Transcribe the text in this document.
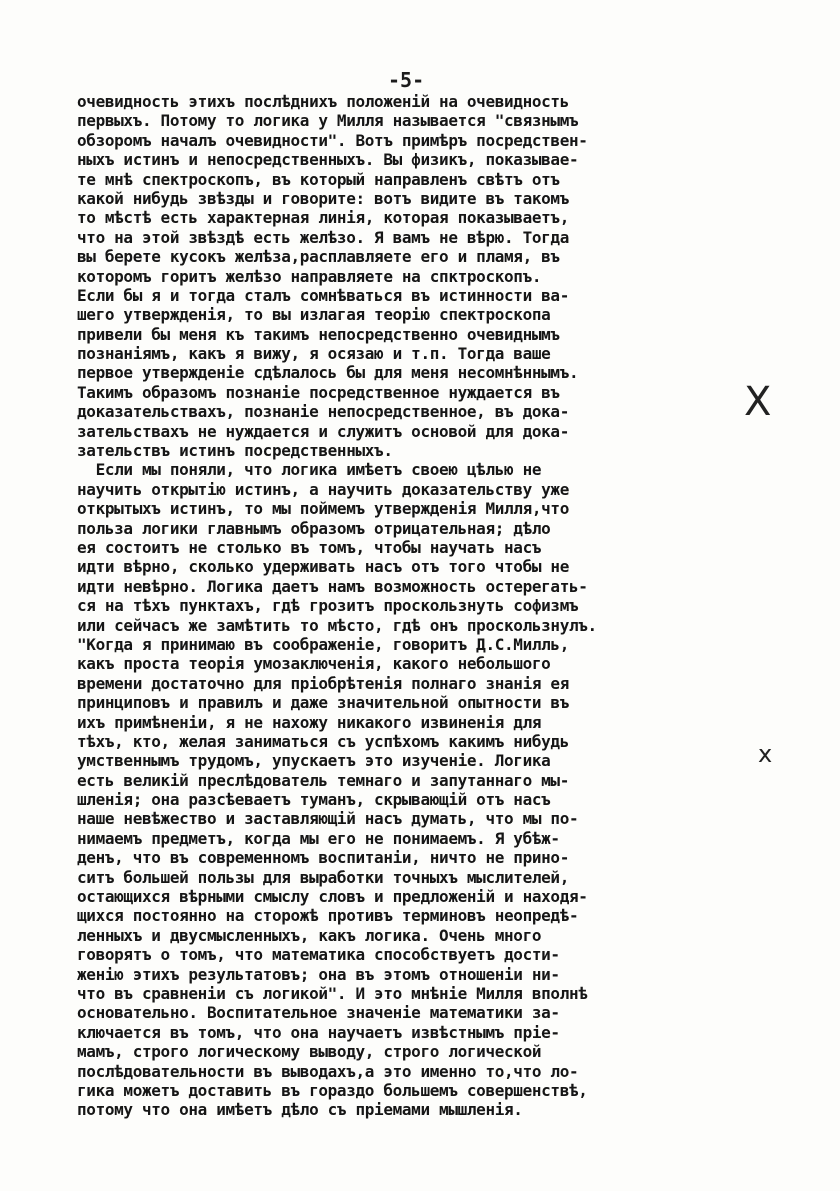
-5-
очевидность этихъ послѣднихъ положеній на очевидность
первыхъ. Потому то логика у Милля называется "связнымъ
обзоромъ началъ очевидности". Вотъ примѣръ посредствен-
ныхъ истинъ и непосредственныхъ. Вы физикъ, показывае-
те мнѣ спектроскопъ, въ который направленъ свѣтъ отъ
какой нибудь звѣзды и говорите: вотъ видите въ такомъ
то мѣстѣ есть характерная линія, которая показываетъ,
что на этой звѣздѣ есть желѣзо. Я вамъ не вѣрю. Тогда
вы берете кусокъ желѣза,расплавляете его и пламя, въ
которомъ горитъ желѣзо направляете на спктроскопъ.
Если бы я и тогда сталъ сомнѣваться въ истинности ва-
шего утвержденія, то вы излагая теорію спектроскопа
привели бы меня къ такимъ непосредственно очевиднымъ
познаніямъ, какъ я вижу, я осязаю и т.п. Тогда ваше
первое утвержденіе сдѣлалось бы для меня несомнѣннымъ.
Такимъ образомъ познаніе посредственное нуждается въ
доказательствахъ, познаніе непосредственное, въ дока-
зательствахъ не нуждается и служитъ основой для дока-
зательствъ истинъ посредственныхъ.
Если мы поняли, что логика имѣетъ своею цѣлью не
научить открытію истинъ, а научить доказательству уже
открытыхъ истинъ, то мы поймемъ утвержденія Милля,что
польза логики главнымъ образомъ отрицательная; дѣло
ея состоитъ не столько въ томъ, чтобы научать насъ
идти вѣрно, сколько удерживать насъ отъ того чтобы не
идти невѣрно. Логика даетъ намъ возможность остерегать-
ся на тѣхъ пунктахъ, гдѣ грозитъ проскользнуть софизмъ
или сейчасъ же замѣтить то мѣсто, гдѣ онъ проскользнулъ.
"Когда я принимаю въ соображеніе, говоритъ Д.С.Милль,
какъ проста теорія умозаключенія, какого небольшого
времени достаточно для пріобрѣтенія полнаго знанія ея
принциповъ и правилъ и даже значительной опытности въ
ихъ примѣненіи, я не нахожу никакого извиненія для
тѣхъ, кто, желая заниматься съ успѣхомъ какимъ нибудь
умственнымъ трудомъ, упускаетъ это изученіе. Логика
есть великій преслѣдователь темнаго и запутаннаго мы-
шленія; она разсѣеваетъ туманъ, скрывающій отъ насъ
наше невѣжество и заставляющій насъ думать, что мы по-
нимаемъ предметъ, когда мы его не понимаемъ. Я убѣж-
денъ, что въ современномъ воспитаніи, ничто не прино-
ситъ большей пользы для выработки точныхъ мыслителей,
остающихся вѣрными смыслу словъ и предложеній и находя-
щихся постоянно на сторожѣ противъ терминовъ неопредѣ-
ленныхъ и двусмысленныхъ, какъ логика. Очень много
говорятъ о томъ, что математика способствуетъ дости-
женію этихъ результатовъ; она въ этомъ отношеніи ни-
что въ сравненіи съ логикой". И это мнѣніе Милля вполнѣ
основательно. Воспитательное значеніе математики за-
ключается въ томъ, что она научаетъ извѣстнымъ прiе-
мамъ, строго логическому выводу, строго логической
послѣдовательности въ выводахъ,а это именно то,что ло-
гика можетъ доставить въ гораздо большемъ совершенствѣ,
потому что она имѣетъ дѣло съ пріемами мышленія.
X
x
